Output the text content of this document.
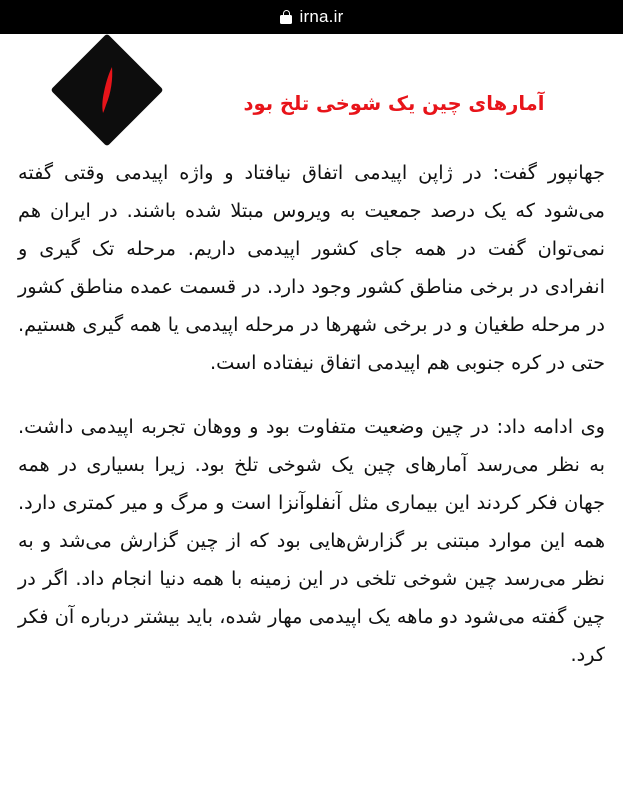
irna.ir
آمارهای چین یک شوخی تلخ بود

جهانپور گفت: در ژاپن اپیدمی اتفاق نیافتاد و واژه اپیدمی وقتی گفته می‌شود که یک درصد جمعیت به ویروس مبتلا شده باشند. در ایران هم نمی‌توان گفت در همه جای کشور اپیدمی داریم. مرحله تک گیری و انفرادی در برخی مناطق کشور وجود دارد. در قسمت عمده مناطق کشور در مرحله طغیان و در برخی شهرها در مرحله اپیدمی یا همه گیری هستیم. حتی در کره جنوبی هم اپیدمی اتفاق نیفتاده است.

وی ادامه داد: در چین وضعیت متفاوت بود و ووهان تجربه اپیدمی داشت. به نظر می‌رسد آمارهای چین یک شوخی تلخ بود. زیرا بسیاری در همه جهان فکر کردند این بیماری مثل آنفلوآنزا است و مرگ و میر کمتری دارد. همه این موارد مبتنی بر گزارش‌هایی بود که از چین گزارش می‌شد و به نظر می‌رسد چین شوخی تلخی در این زمینه با همه دنیا انجام داد. اگر در چین گفته می‌شود دو ماهه یک اپیدمی مهار شده، باید بیشتر درباره آن فکر کرد.
